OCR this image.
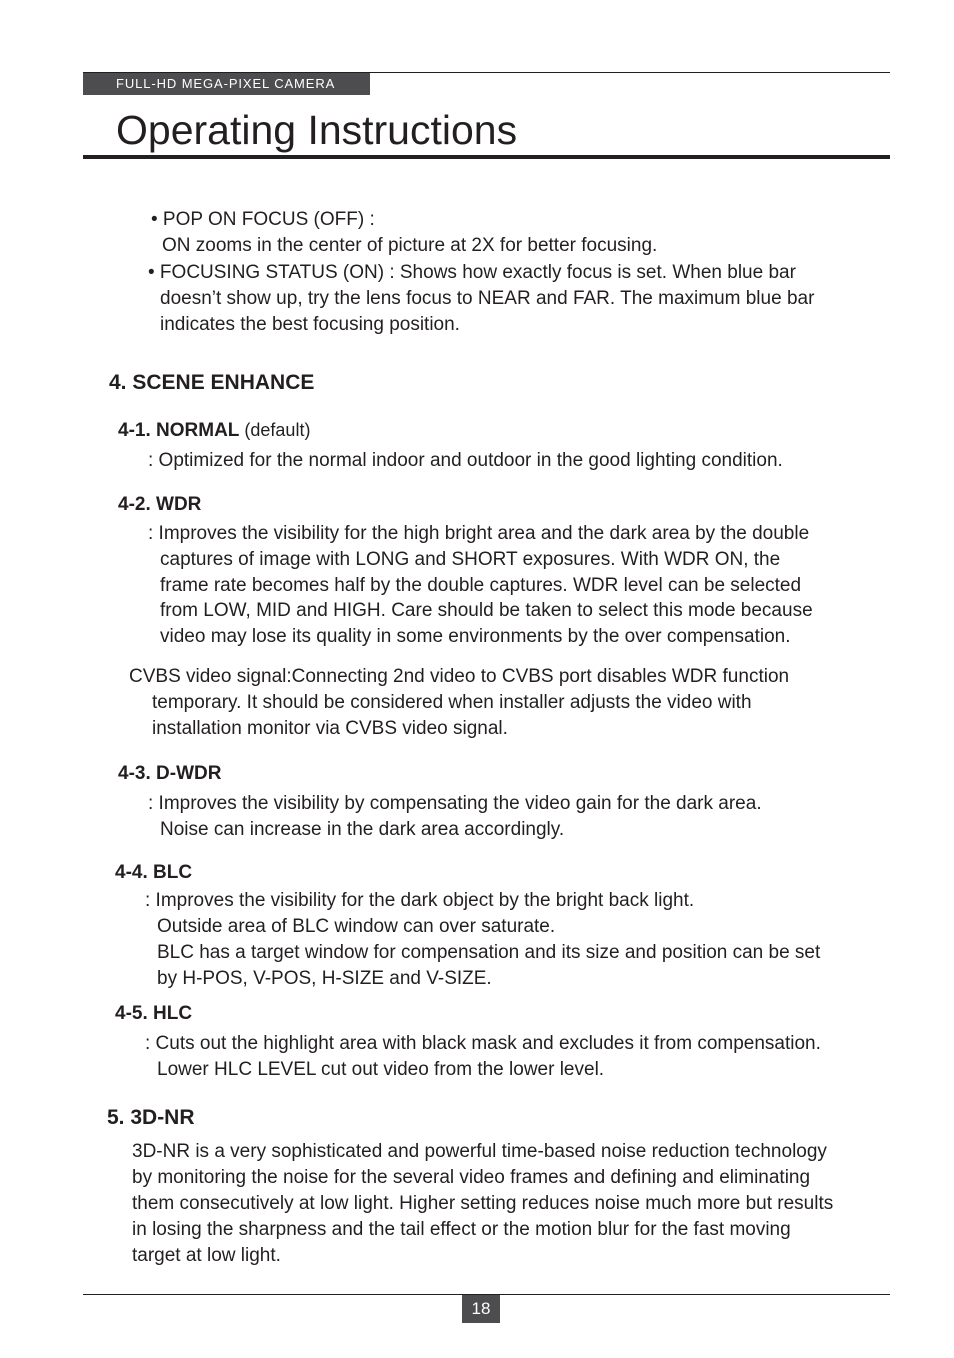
FULL-HD MEGA-PIXEL CAMERA
Operating Instructions
• POP ON FOCUS (OFF) :
ON zooms in the center of picture at 2X for better focusing.
• FOCUSING STATUS (ON) : Shows how exactly focus is set. When blue bar
doesn’t show up, try the lens focus to NEAR and FAR. The maximum blue bar
indicates the best focusing position.
4. SCENE ENHANCE
4-1. NORMAL (default)
: Optimized for the normal indoor and outdoor in the good lighting condition.
4-2. WDR
: Improves the visibility for the high bright area and the dark area by the double
captures of image with LONG and SHORT exposures. With WDR ON, the
frame rate becomes half by the double captures. WDR level can be selected
from LOW, MID and HIGH. Care should be taken to select this mode because
video may lose its quality in some environments by the over compensation.
CVBS video signal:Connecting 2nd video to CVBS port disables WDR function
temporary. It should be considered when installer adjusts the video with
installation monitor via CVBS video signal.
4-3. D-WDR
: Improves the visibility by compensating the video gain for the dark area.
Noise can increase in the dark area accordingly.
4-4. BLC
: Improves the visibility for the dark object by the bright back light.
Outside area of BLC window can over saturate.
BLC has a target window for compensation and its size and position can be set
by H-POS, V-POS, H-SIZE and V-SIZE.
4-5. HLC
: Cuts out the highlight area with black mask and excludes it from compensation.
Lower HLC LEVEL cut out video from the lower level.
5. 3D-NR
3D-NR is a very sophisticated and powerful time-based noise reduction technology
by monitoring the noise for the several video frames and defining and eliminating
them consecutively at low light. Higher setting reduces noise much more but results
in losing the sharpness and the tail effect or the motion blur for the fast moving
target at low light.
18
